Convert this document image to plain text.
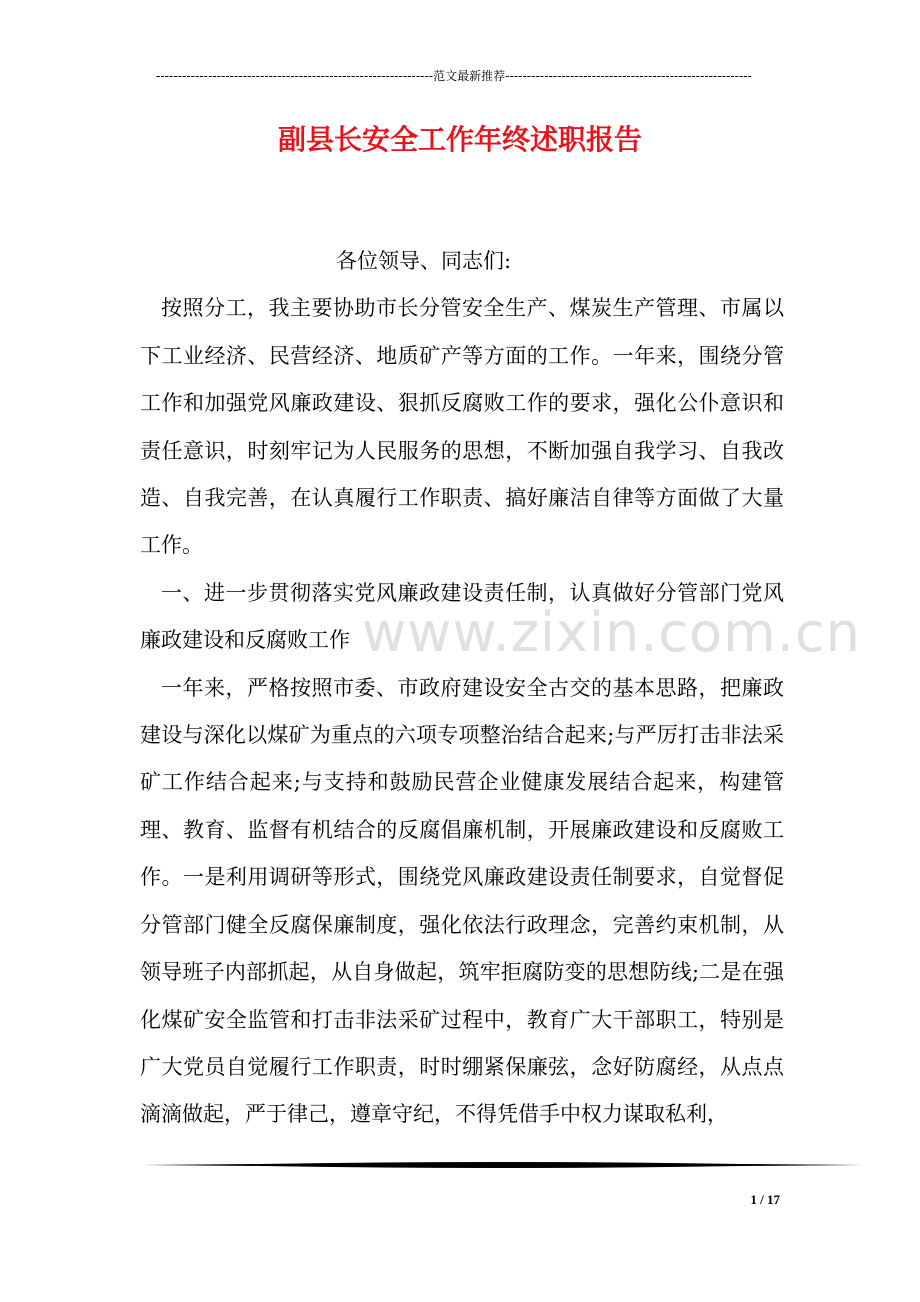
----------------------------------------------------------------范文最新推荐---------------------------------------------------------
副县长安全工作年终述职报告

各位领导、同志们:

按照分工，我主要协助市长分管安全生产、煤炭生产管理、市属以下工业经济、民营经济、地质矿产等方面的工作。一年来，围绕分管工作和加强党风廉政建设、狠抓反腐败工作的要求，强化公仆意识和责任意识，时刻牢记为人民服务的思想，不断加强自我学习、自我改造、自我完善，在认真履行工作职责、搞好廉洁自律等方面做了大量工作。

一、进一步贯彻落实党风廉政建设责任制，认真做好分管部门党风廉政建设和反腐败工作

一年来，严格按照市委、市政府建设安全古交的基本思路，把廉政建设与深化以煤矿为重点的六项专项整治结合起来;与严厉打击非法采矿工作结合起来;与支持和鼓励民营企业健康发展结合起来，构建管理、教育、监督有机结合的反腐倡廉机制，开展廉政建设和反腐败工作。一是利用调研等形式，围绕党风廉政建设责任制要求，自觉督促分管部门健全反腐保廉制度，强化依法行政理念，完善约束机制，从领导班子内部抓起，从自身做起，筑牢拒腐防变的思想防线;二是在强化煤矿安全监管和打击非法采矿过程中，教育广大干部职工，特别是广大党员自觉履行工作职责，时时绷紧保廉弦，念好防腐经，从点点滴滴做起，严于律己，遵章守纪，不得凭借手中权力谋取私利，

www.zixin.com.cn
1 / 17
